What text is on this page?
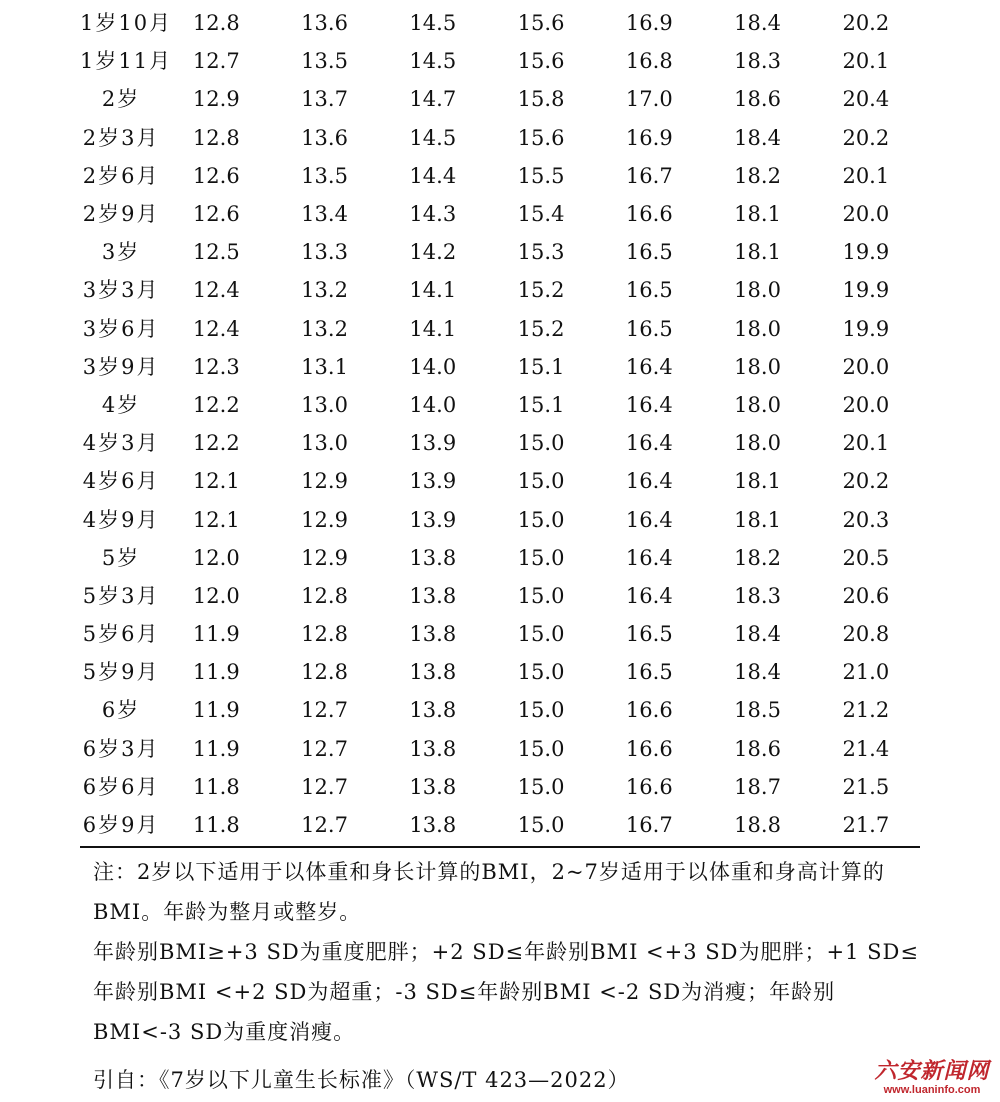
1岁10月	12.8	13.6	14.5	15.6	16.9	18.4	20.2
1岁11月	12.7	13.5	14.5	15.6	16.8	18.3	20.1
2岁	12.9	13.7	14.7	15.8	17.0	18.6	20.4
2岁3月	12.8	13.6	14.5	15.6	16.9	18.4	20.2
2岁6月	12.6	13.5	14.4	15.5	16.7	18.2	20.1
2岁9月	12.6	13.4	14.3	15.4	16.6	18.1	20.0
3岁	12.5	13.3	14.2	15.3	16.5	18.1	19.9
3岁3月	12.4	13.2	14.1	15.2	16.5	18.0	19.9
3岁6月	12.4	13.2	14.1	15.2	16.5	18.0	19.9
3岁9月	12.3	13.1	14.0	15.1	16.4	18.0	20.0
4岁	12.2	13.0	14.0	15.1	16.4	18.0	20.0
4岁3月	12.2	13.0	13.9	15.0	16.4	18.0	20.1
4岁6月	12.1	12.9	13.9	15.0	16.4	18.1	20.2
4岁9月	12.1	12.9	13.9	15.0	16.4	18.1	20.3
5岁	12.0	12.9	13.8	15.0	16.4	18.2	20.5
5岁3月	12.0	12.8	13.8	15.0	16.4	18.3	20.6
5岁6月	11.9	12.8	13.8	15.0	16.5	18.4	20.8
5岁9月	11.9	12.8	13.8	15.0	16.5	18.4	21.0
6岁	11.9	12.7	13.8	15.0	16.6	18.5	21.2
6岁3月	11.9	12.7	13.8	15.0	16.6	18.6	21.4
6岁6月	11.8	12.7	13.8	15.0	16.6	18.7	21.5
6岁9月	11.8	12.7	13.8	15.0	16.7	18.8	21.7
注：2岁以下适用于以体重和身长计算的BMI，2~7岁适用于以体重和身高计算的BMI。年龄为整月或整岁。
年龄别BMI≥+3 SD为重度肥胖；+2 SD≤年龄别BMI <+3 SD为肥胖；+1 SD≤年龄别BMI <+2 SD为超重；-3 SD≤年龄别BMI <-2 SD为消瘦；年龄别BMI<-3 SD为重度消瘦。
引自：《7岁以下儿童生长标准》（WS/T 423—2022）	六安新闻网
www.luaninfo.com
